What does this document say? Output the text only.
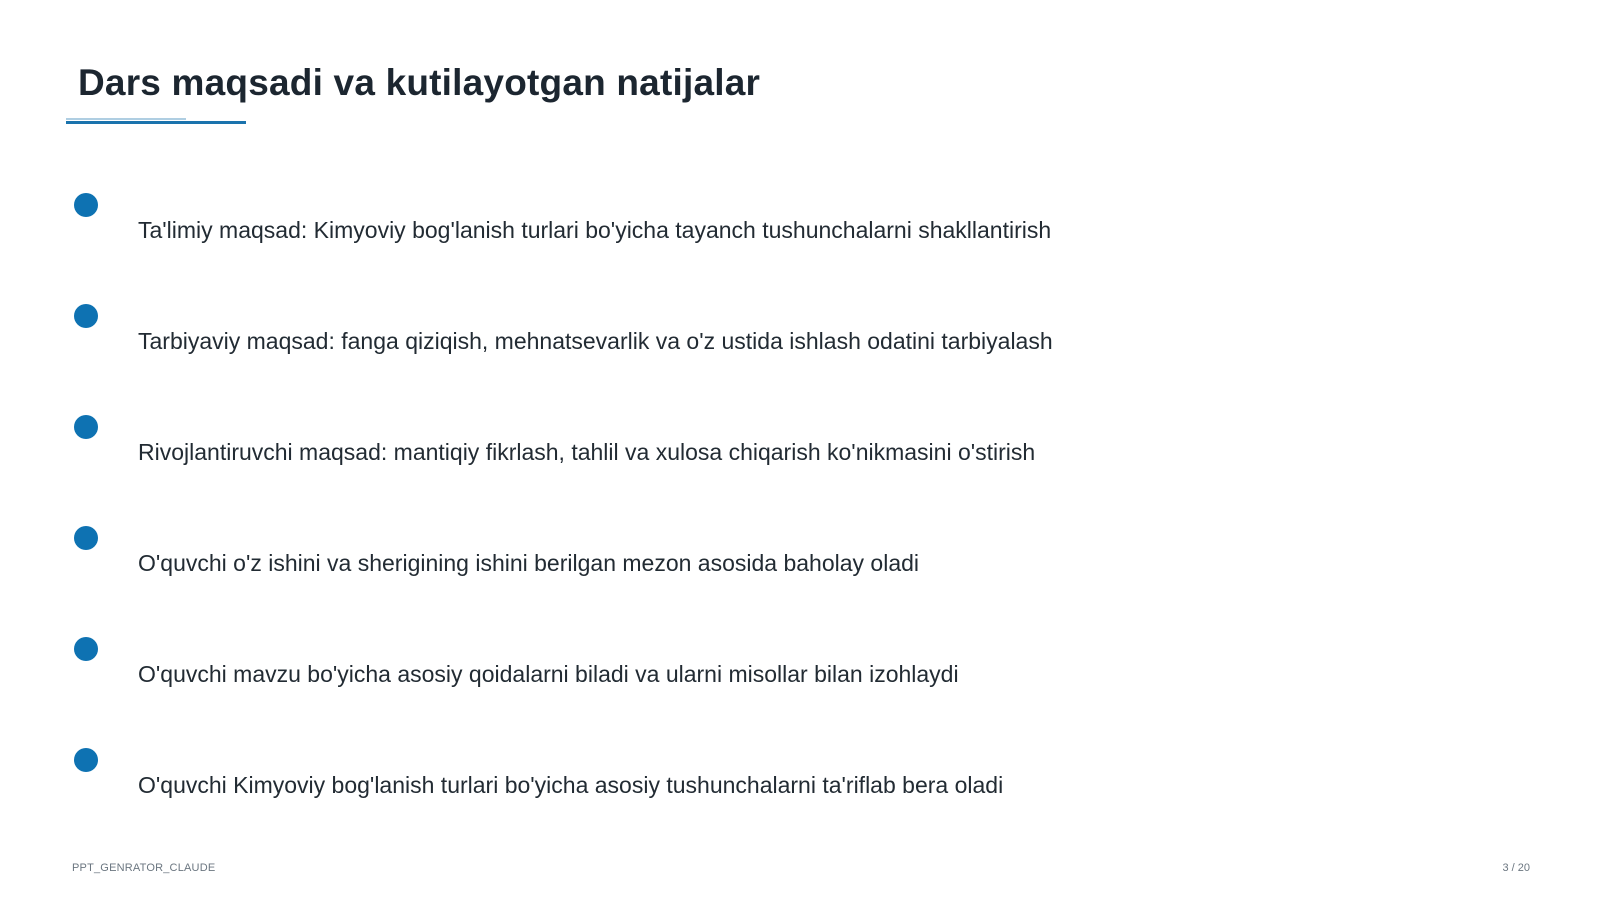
Dars maqsadi va kutilayotgan natijalar
Ta'limiy maqsad: Kimyoviy bog'lanish turlari bo'yicha tayanch tushunchalarni shakllantirish
Tarbiyaviy maqsad: fanga qiziqish, mehnatsevarlik va o'z ustida ishlash odatini tarbiyalash
Rivojlantiruvchi maqsad: mantiqiy fikrlash, tahlil va xulosa chiqarish ko'nikmasini o'stirish
O'quvchi o'z ishini va sherigining ishini berilgan mezon asosida baholay oladi
O'quvchi mavzu bo'yicha asosiy qoidalarni biladi va ularni misollar bilan izohlaydi
O'quvchi Kimyoviy bog'lanish turlari bo'yicha asosiy tushunchalarni ta'riflab bera oladi
PPT_GENRATOR_CLAUDE	3 / 20
